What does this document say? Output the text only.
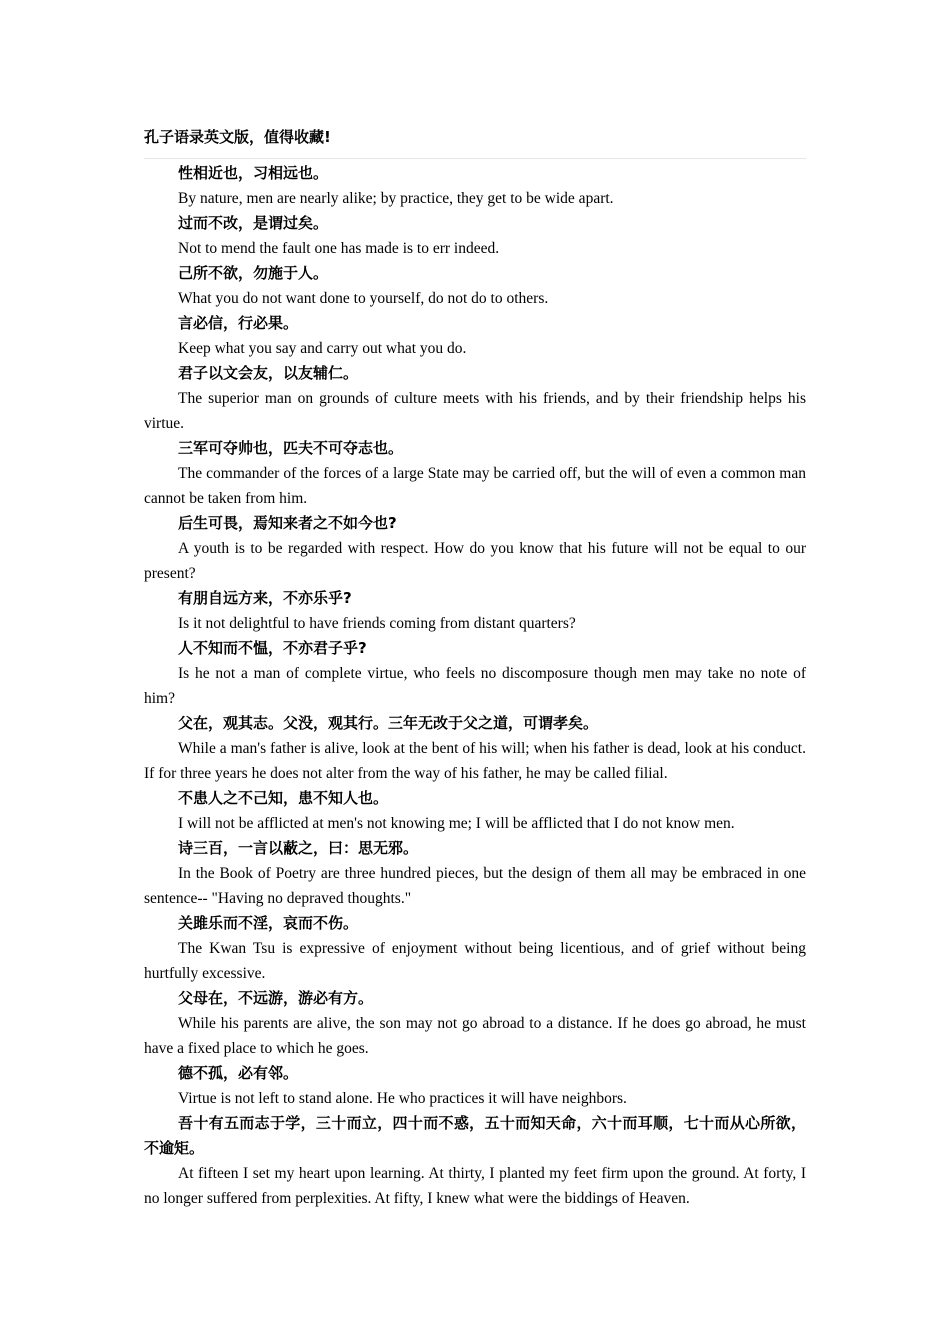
孔子语录英文版，值得收藏!
性相近也，习相远也。
By nature, men are nearly alike; by practice, they get to be wide apart.
过而不改，是谓过矣。
Not to mend the fault one has made is to err indeed.
己所不欲，勿施于人。
What you do not want done to yourself, do not do to others.
言必信，行必果。
Keep what you say and carry out what you do.
君子以文会友，以友辅仁。
The superior man on grounds of culture meets with his friends, and by their friendship helps his virtue.
三军可夺帅也，匹夫不可夺志也。
The commander of the forces of a large State may be carried off, but the will of even a common man cannot be taken from him.
后生可畏，焉知来者之不如今也?
A youth is to be regarded with respect. How do you know that his future will not be equal to our present?
有朋自远方来，不亦乐乎?
Is it not delightful to have friends coming from distant quarters?
人不知而不愠，不亦君子乎?
Is he not a man of complete virtue, who feels no discomposure though men may take no note of him?
父在，观其志。父没，观其行。三年无改于父之道，可谓孝矣。
While a man's father is alive, look at the bent of his will; when his father is dead, look at his conduct. If for three years he does not alter from the way of his father, he may be called filial.
不患人之不己知，患不知人也。
I will not be afflicted at men's not knowing me; I will be afflicted that I do not know men.
诗三百，一言以蔽之，曰：思无邪。
In the Book of Poetry are three hundred pieces, but the design of them all may be embraced in one sentence-- "Having no depraved thoughts."
关雎乐而不淫，哀而不伤。
The Kwan Tsu is expressive of enjoyment without being licentious, and of grief without being hurtfully excessive.
父母在，不远游，游必有方。
While his parents are alive, the son may not go abroad to a distance. If he does go abroad, he must have a fixed place to which he goes.
德不孤，必有邻。
Virtue is not left to stand alone. He who practices it will have neighbors.
吾十有五而志于学，三十而立，四十而不惑，五十而知天命，六十而耳顺，七十而从心所欲，不逾矩。
At fifteen I set my heart upon learning. At thirty, I planted my feet firm upon the ground. At forty, I no longer suffered from perplexities. At fifty, I knew what were the biddings of Heaven.
